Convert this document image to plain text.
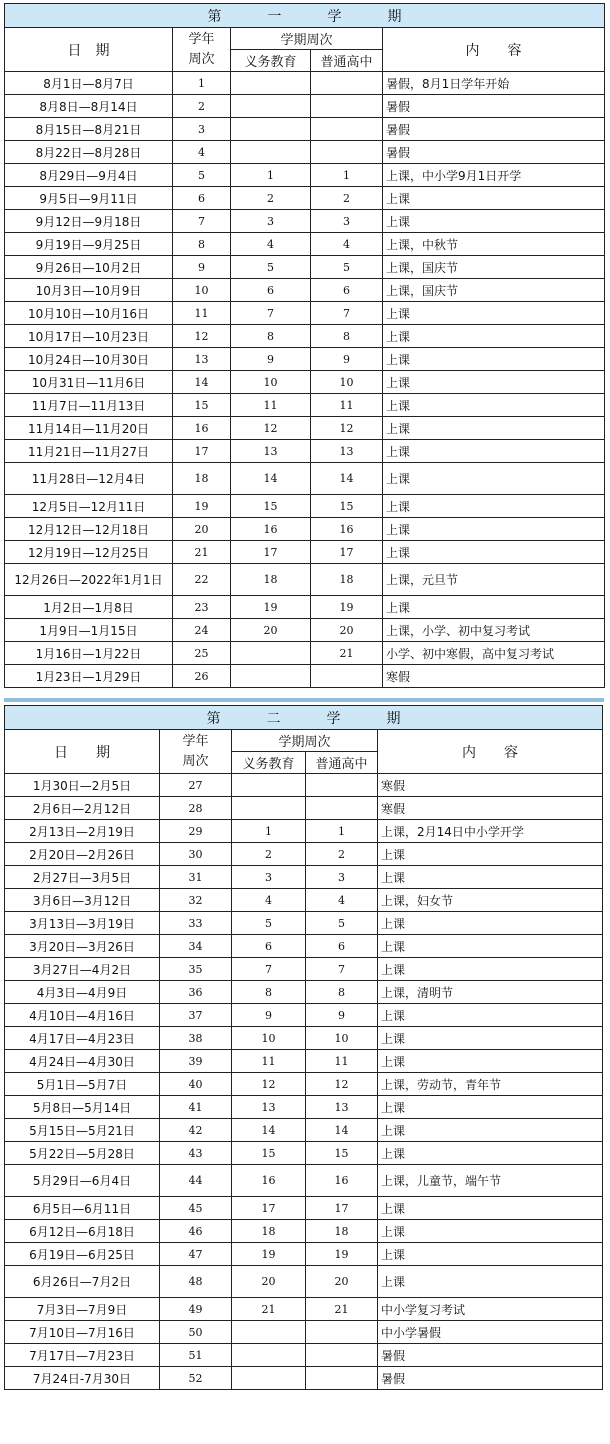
第 一 学 期				

日　期	学年
周次	学期周次		内　　容
		义务教育	普通高中	
8月1日—8月7日	1			暑假，8月1日学年开始
8月8日—8月14日	2			暑假
8月15日—8月21日	3			暑假
8月22日—8月28日	4			暑假
8月29日—9月4日	5	1	1	上课，中小学9月1日开学
9月5日—9月11日	6	2	2	上课
9月12日—9月18日	7	3	3	上课
9月19日—9月25日	8	4	4	上课，中秋节
9月26日—10月2日	9	5	5	上课，国庆节
10月3日—10月9日	10	6	6	上课，国庆节
10月10日—10月16日	11	7	7	上课
10月17日—10月23日	12	8	8	上课
10月24日—10月30日	13	9	9	上课
10月31日—11月6日	14	10	10	上课
11月7日—11月13日	15	11	11	上课
11月14日—11月20日	16	12	12	上课
11月21日—11月27日	17	13	13	上课
11月28日—12月4日	18	14	14	上课
12月5日—12月11日	19	15	15	上课
12月12日—12月18日	20	16	16	上课
12月19日—12月25日	21	17	17	上课
12月26日—2022年1月1日	22	18	18	上课，元旦节
1月2日—1月8日	23	19	19	上课
1月9日—1月15日	24	20	20	上课，小学、初中复习考试
1月16日—1月22日	25		21	小学、初中寒假，高中复习考试
1月23日—1月29日	26			寒假
第 二 学 期				

日　　期	学年
周次	学期周次		内　　容
		义务教育	普通高中	
1月30日—2月5日	27			寒假
2月6日—2月12日	28			寒假
2月13日—2月19日	29	1	1	上课，2月14日中小学开学
2月20日—2月26日	30	2	2	上课
2月27日—3月5日	31	3	3	上课
3月6日—3月12日	32	4	4	上课，妇女节
3月13日—3月19日	33	5	5	上课
3月20日—3月26日	34	6	6	上课
3月27日—4月2日	35	7	7	上课
4月3日—4月9日	36	8	8	上课，清明节
4月10日—4月16日	37	9	9	上课
4月17日—4月23日	38	10	10	上课
4月24日—4月30日	39	11	11	上课
5月1日—5月7日	40	12	12	上课，劳动节，青年节
5月8日—5月14日	41	13	13	上课
5月15日—5月21日	42	14	14	上课
5月22日—5月28日	43	15	15	上课
5月29日—6月4日	44	16	16	上课，儿童节，端午节
6月5日—6月11日	45	17	17	上课
6月12日—6月18日	46	18	18	上课
6月19日—6月25日	47	19	19	上课
6月26日—7月2日	48	20	20	上课
7月3日—7月9日	49	21	21	中小学复习考试
7月10日—7月16日	50			中小学暑假
7月17日—7月23日	51			暑假
7月24日-7月30日	52			暑假
